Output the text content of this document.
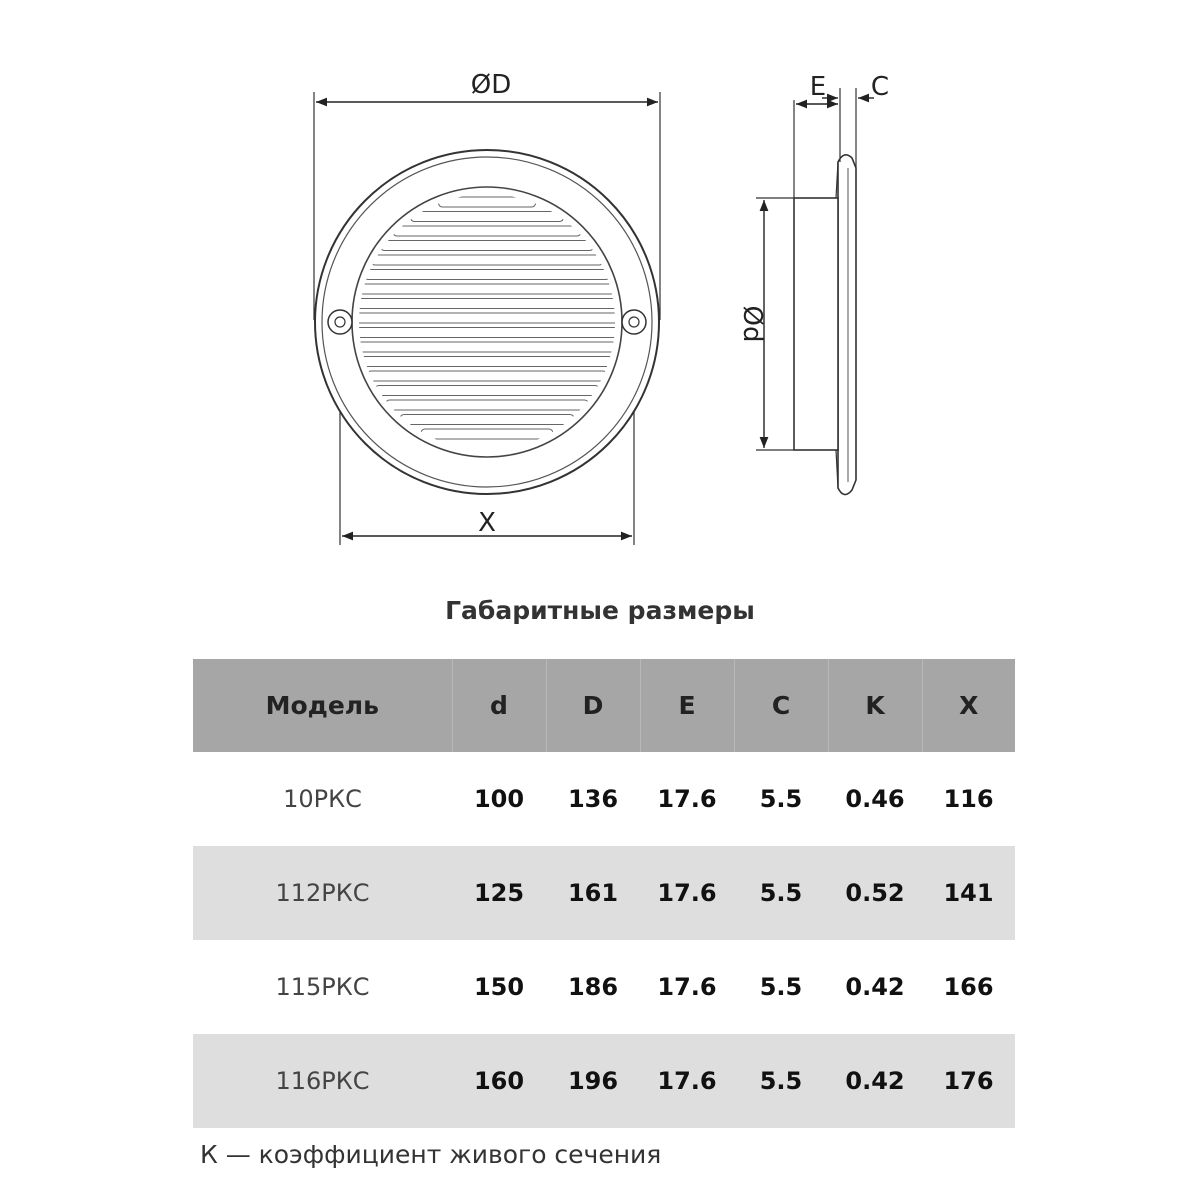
ØD
X
E C
Ød
Габаритные размеры
Модель	d	D	E	C	K	X
10РКС	100	136	17.6	5.5	0.46	116
112РКС	125	161	17.6	5.5	0.52	141
115РКС	150	186	17.6	5.5	0.42	166
116РКС	160	196	17.6	5.5	0.42	176
К — коэффициент живого сечения
